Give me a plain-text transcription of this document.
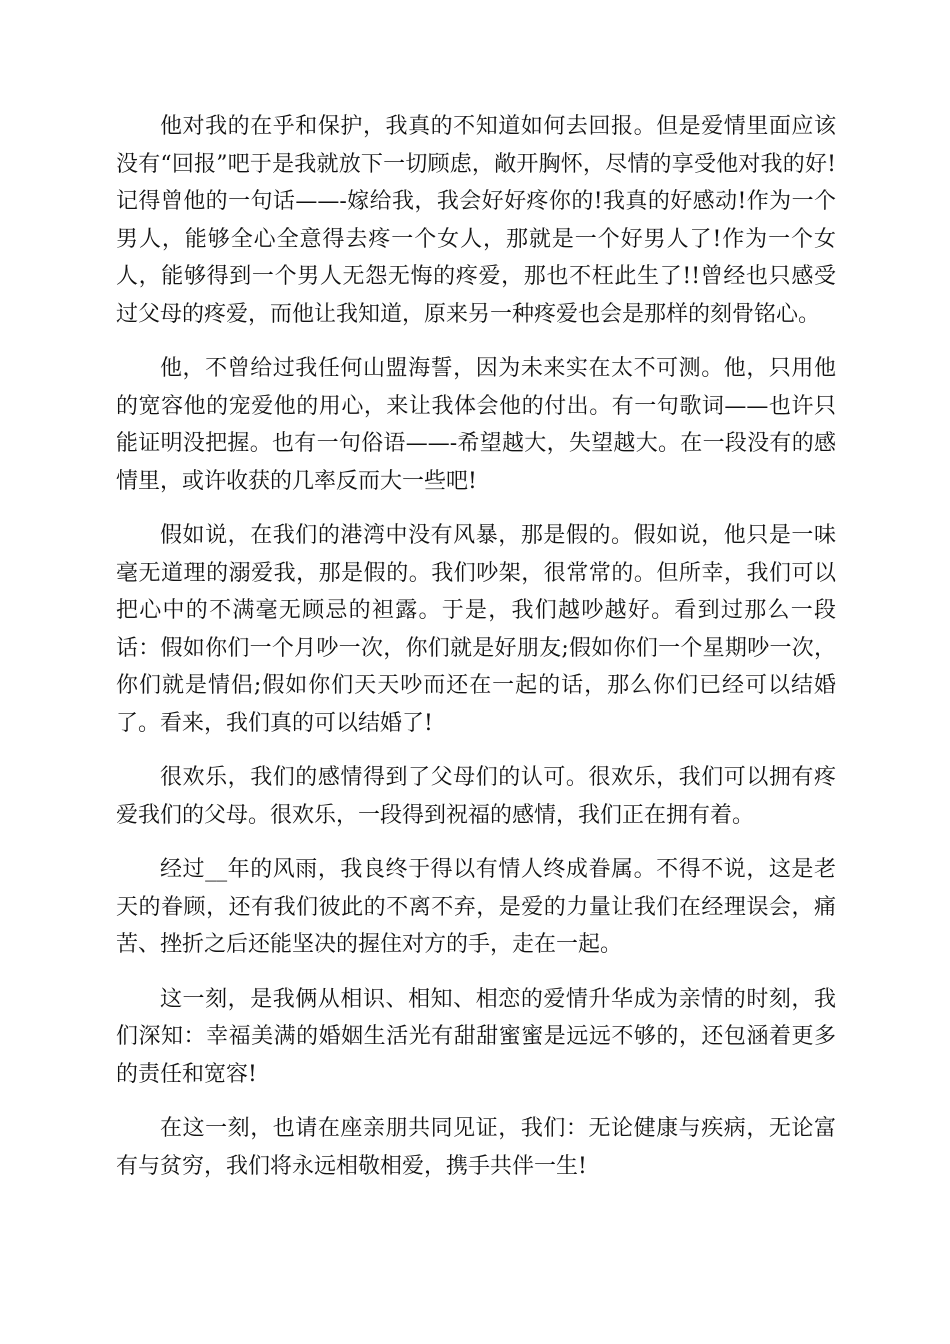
他对我的在乎和保护，我真的不知道如何去回报。但是爱情里面应该没有“回报”吧于是我就放下一切顾虑，敞开胸怀，尽情的享受他对我的好!记得曾他的一句话——-嫁给我，我会好好疼你的!我真的好感动!作为一个男人，能够全心全意得去疼一个女人，那就是一个好男人了!作为一个女人，能够得到一个男人无怨无悔的疼爱，那也不枉此生了!!曾经也只感受过父母的疼爱，而他让我知道，原来另一种疼爱也会是那样的刻骨铭心。

他，不曾给过我任何山盟海誓，因为未来实在太不可测。他，只用他的宽容他的宠爱他的用心，来让我体会他的付出。有一句歌词——也许只能证明没把握。也有一句俗语——-希望越大，失望越大。在一段没有的感情里，或许收获的几率反而大一些吧!

假如说，在我们的港湾中没有风暴，那是假的。假如说，他只是一味毫无道理的溺爱我，那是假的。我们吵架，很常常的。但所幸，我们可以把心中的不满毫无顾忌的袒露。于是，我们越吵越好。看到过那么一段话：假如你们一个月吵一次，你们就是好朋友;假如你们一个星期吵一次，你们就是情侣;假如你们天天吵而还在一起的话，那么你们已经可以结婚了。看来，我们真的可以结婚了!

很欢乐，我们的感情得到了父母们的认可。很欢乐，我们可以拥有疼爱我们的父母。很欢乐，一段得到祝福的感情，我们正在拥有着。

经过__年的风雨，我良终于得以有情人终成眷属。不得不说，这是老天的眷顾，还有我们彼此的不离不弃，是爱的力量让我们在经理误会，痛苦、挫折之后还能坚决的握住对方的手，走在一起。

这一刻，是我俩从相识、相知、相恋的爱情升华成为亲情的时刻，我们深知：幸福美满的婚姻生活光有甜甜蜜蜜是远远不够的，还包涵着更多的责任和宽容!

在这一刻，也请在座亲朋共同见证，我们：无论健康与疾病，无论富有与贫穷，我们将永远相敬相爱，携手共伴一生!
